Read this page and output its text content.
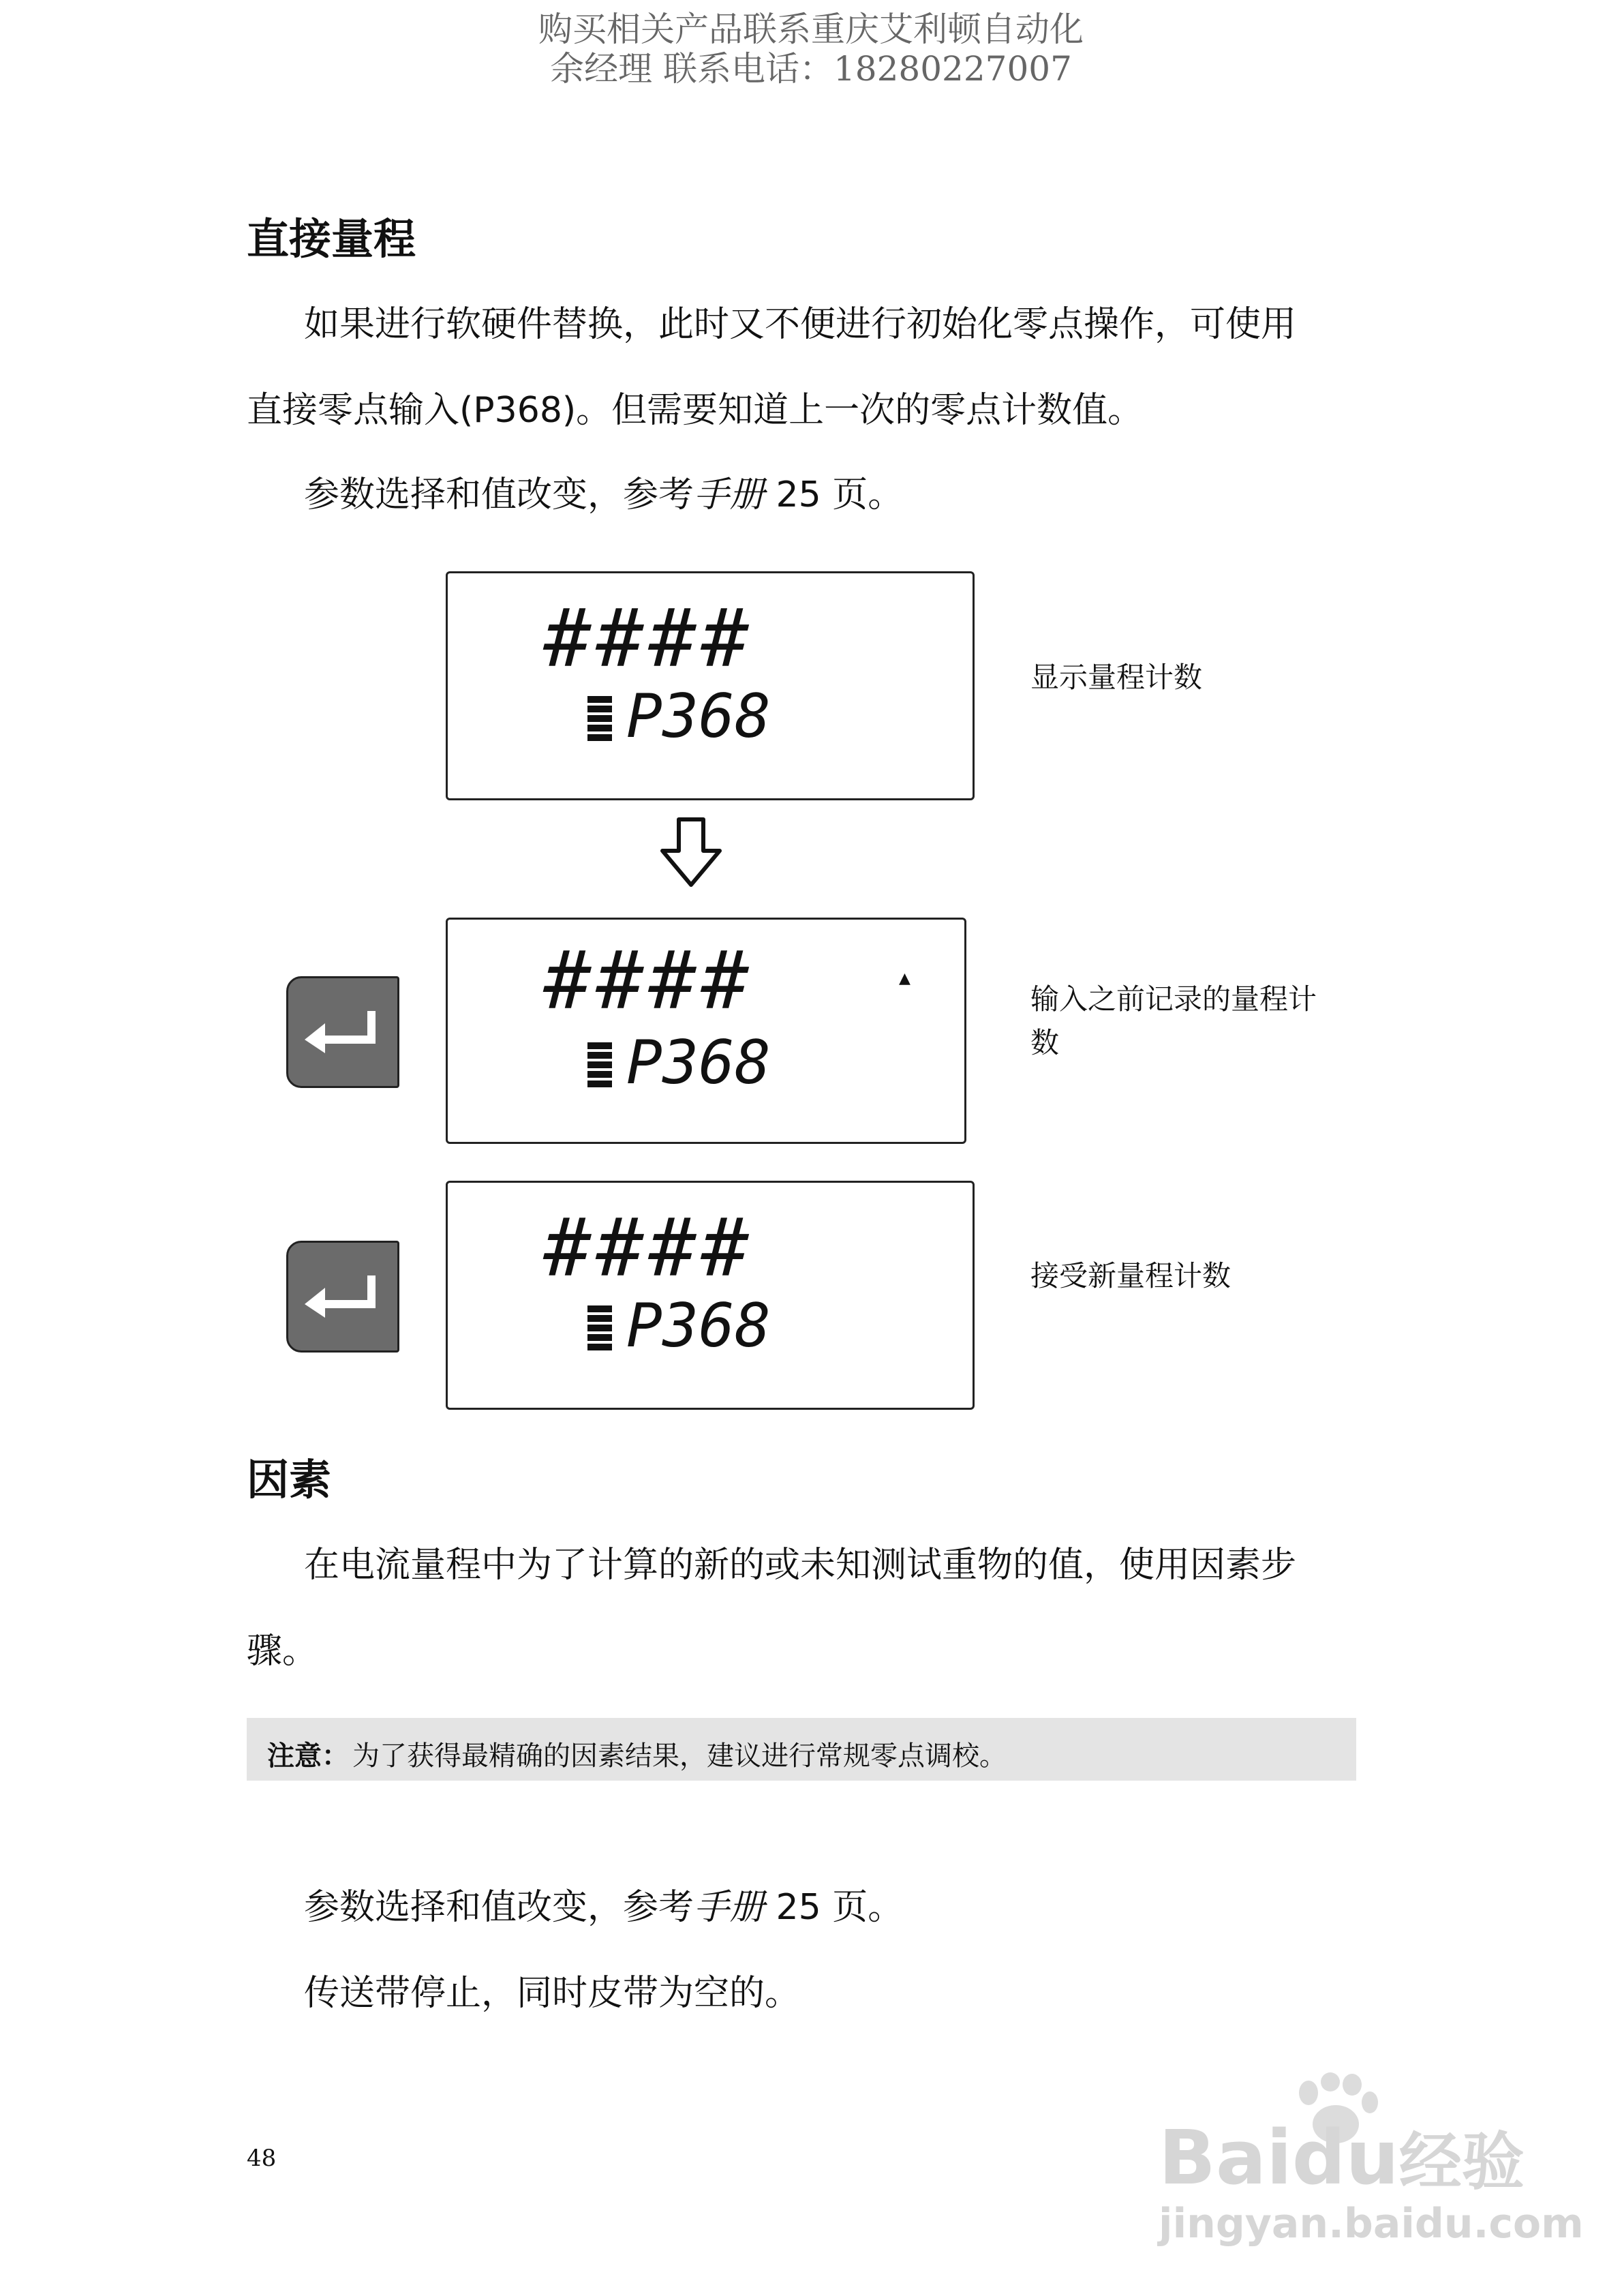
购买相关产品联系重庆艾利顿自动化
余经理 联系电话：18280227007
直接量程
如果进行软硬件替换，此时又不便进行初始化零点操作，可使用
直接零点输入(P368)。但需要知道上一次的零点计数值。
参数选择和值改变，参考手册 25 页。
####
P368
显示量程计数
####	▲
P368
输入之前记录的量程计
数
####
P368
接受新量程计数
因素
在电流量程中为了计算的新的或未知测试重物的值，使用因素步
骤。
注意： 为了获得最精确的因素结果，建议进行常规零点调校。
参数选择和值改变，参考手册 25 页。
传送带停止，同时皮带为空的。
48	Baidu经验
jingyan.baidu.com
